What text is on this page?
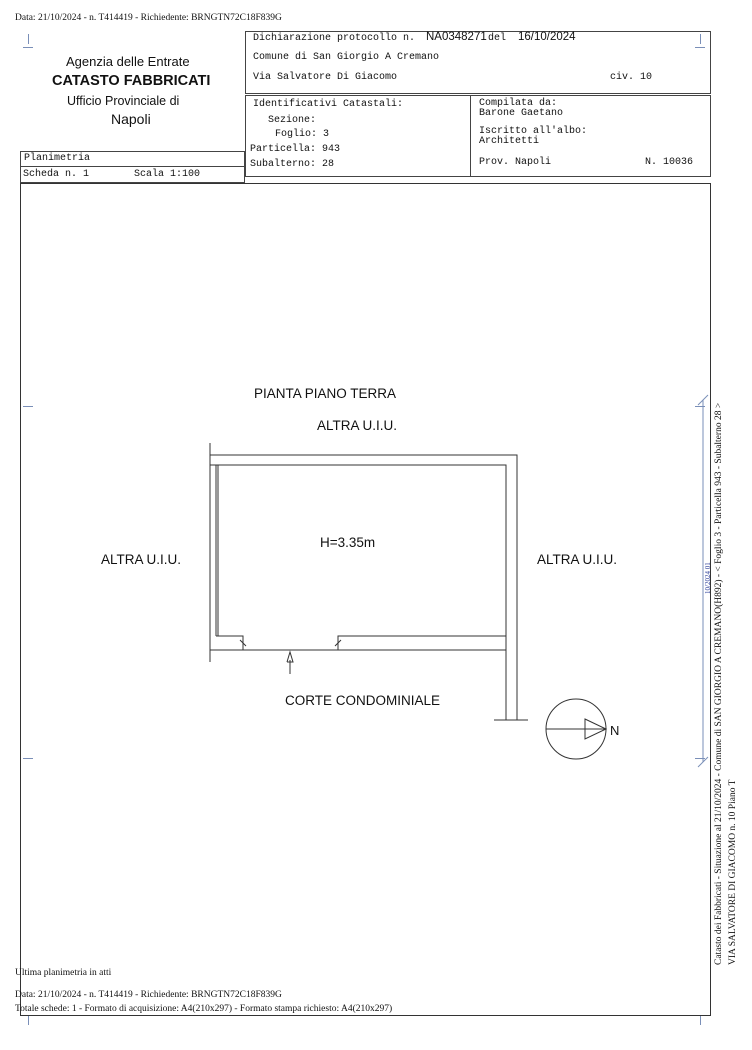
Data: 21/10/2024 - n. T414419 - Richiedente: BRNGTN72C18F839G
Agenzia delle Entrate
CATASTO FABBRICATI
Ufficio Provinciale di
Napoli
Planimetria
Scheda n. 1	Scala 1:100
Dichiarazione protocollo n. NA0348271 del 16/10/2024
Comune di San Giorgio A Cremano
Via Salvatore Di Giacomo	civ. 10
Identificativi Catastali:
Sezione:
Foglio: 3
Particella: 943
Subalterno: 28
Compilata da:
Barone Gaetano
Iscritto all'albo:
Architetti
Prov. Napoli	N. 10036
PIANTA PIANO TERRA
ALTRA U.I.U.
ALTRA U.I.U.	ALTRA U.I.U.
H=3.35m
CORTE CONDOMINIALE
N	Catasto dei Fabbricati - Situazione al 21/10/2024 - Comune di SAN GIORGIO A CREMANO(H892) - < Foglio 3 - Particella 943 - Subalterno 28 > VIA SALVATORE DI GIACOMO n. 10 Piano T
10/2024 01
Ultima planimetria in atti
Data: 21/10/2024 - n. T414419 - Richiedente: BRNGTN72C18F839G
Totale schede: 1 - Formato di acquisizione: A4(210x297) - Formato stampa richiesto: A4(210x297)
